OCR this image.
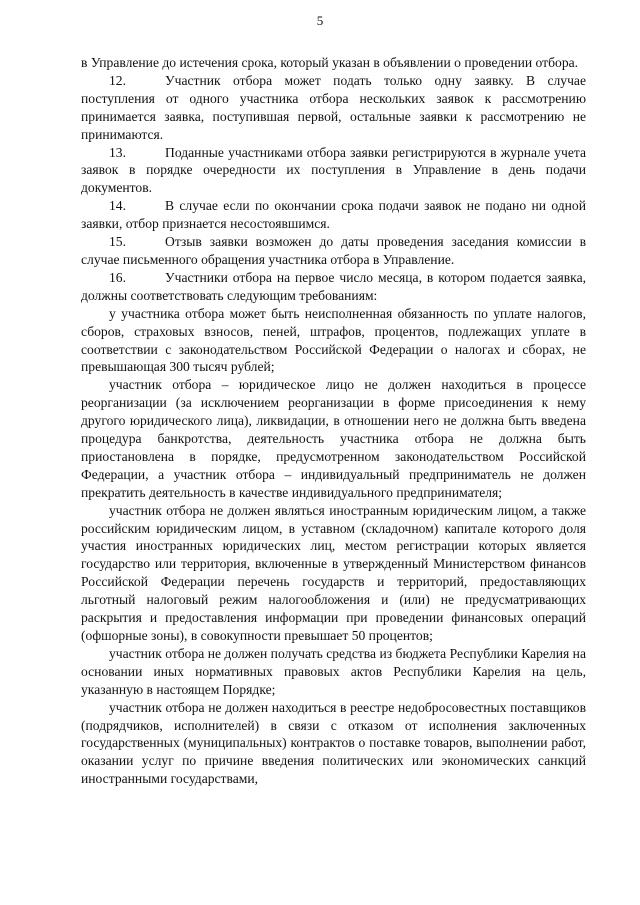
5

в Управление до истечения срока, который указан в объявлении о проведении отбора.

12.	Участник отбора может подать только одну заявку. В случае поступления от одного участника отбора нескольких заявок к рассмотрению принимается заявка, поступившая первой, остальные заявки к рассмотрению не принимаются.

13.	Поданные участниками отбора заявки регистрируются в журнале учета заявок в порядке очередности их поступления в Управление в день подачи документов.

14.	В случае если по окончании срока подачи заявок не подано ни одной заявки, отбор признается несостоявшимся.

15.	Отзыв заявки возможен до даты проведения заседания комиссии в случае письменного обращения участника отбора в Управление.

16.	Участники отбора на первое число месяца, в котором подается заявка, должны соответствовать следующим требованиям:

у участника отбора может быть неисполненная обязанность по уплате налогов, сборов, страховых взносов, пеней, штрафов, процентов, подлежащих уплате в соответствии с законодательством Российской Федерации о налогах и сборах, не превышающая 300 тысяч рублей;

участник отбора – юридическое лицо не должен находиться в процессе реорганизации (за исключением реорганизации в форме присоединения к нему другого юридического лица), ликвидации, в отношении него не должна быть введена процедура банкротства, деятельность участника отбора не должна быть приостановлена в порядке, предусмотренном законодательством Российской Федерации, а участник отбора – индивидуальный предприниматель не должен прекратить деятельность в качестве индивидуального предпринимателя;

участник отбора не должен являться иностранным юридическим лицом, а также российским юридическим лицом, в уставном (складочном) капитале которого доля участия иностранных юридических лиц, местом регистрации которых является государство или территория, включенные в утвержденный Министерством финансов Российской Федерации перечень государств и территорий, предоставляющих льготный налоговый режим налогообложения и (или) не предусматривающих раскрытия и предоставления информации при проведении финансовых операций (офшорные зоны), в совокупности превышает 50 процентов;

участник отбора не должен получать средства из бюджета Республики Карелия на основании иных нормативных правовых актов Республики Карелия на цель, указанную в настоящем Порядке;

участник отбора не должен находиться в реестре недобросовестных поставщиков (подрядчиков, исполнителей) в связи с отказом от исполнения заключенных государственных (муниципальных) контрактов о поставке товаров, выполнении работ, оказании услуг по причине введения политических или экономических санкций иностранными государствами,
